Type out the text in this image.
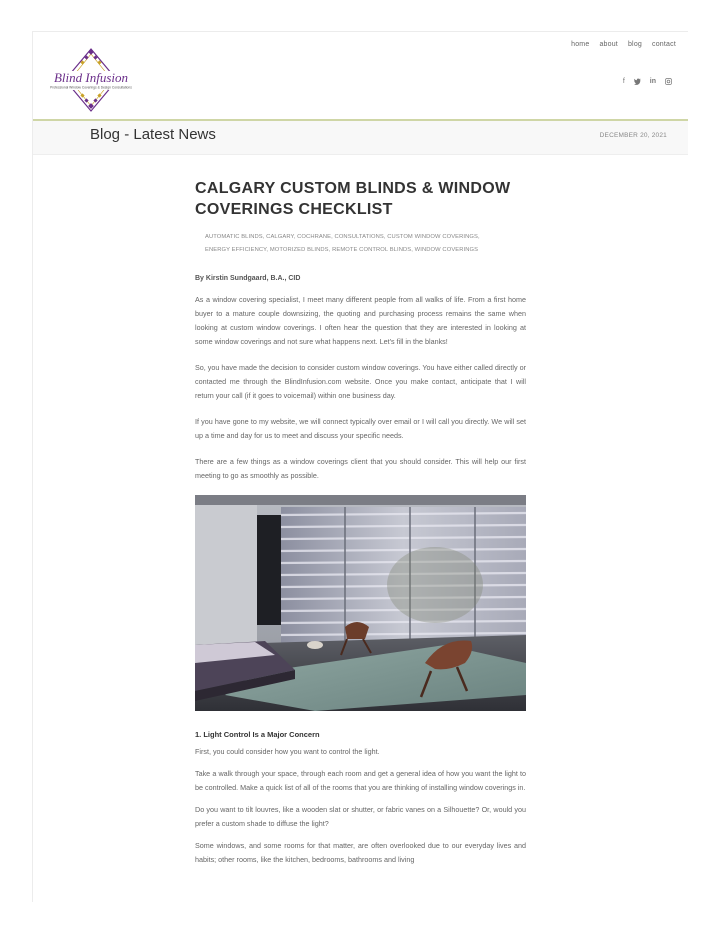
home about blog contact
Blind Infusion
Professional Window Coverings & Design Consultations
f	in
Blog - Latest News	DECEMBER 20, 2021
CALGARY CUSTOM BLINDS & WINDOW COVERINGS CHECKLIST
AUTOMATIC BLINDS, CALGARY, COCHRANE, CONSULTATIONS, CUSTOM WINDOW COVERINGS,
ENERGY EFFICIENCY, MOTORIZED BLINDS, REMOTE CONTROL BLINDS, WINDOW COVERINGS
By Kirstin Sundgaard, B.A., CID

As a window covering specialist, I meet many different people from all walks of life. From a first home buyer to a mature couple downsizing, the quoting and purchasing process remains the same when looking at custom window coverings. I often hear the question that they are interested in looking at some window coverings and not sure what happens next. Let’s fill in the blanks!

So, you have made the decision to consider custom window coverings. You have either called directly or contacted me through the BlindInfusion.com website. Once you make contact, anticipate that I will return your call (if it goes to voicemail) within one business day.

If you have gone to my website, we will connect typically over email or I will call you directly. We will set up a time and day for us to meet and discuss your specific needs.

There are a few things as a window coverings client that you should consider. This will help our first meeting to go as smoothly as possible.

1. Light Control Is a Major Concern

First, you could consider how you want to control the light.

Take a walk through your space, through each room and get a general idea of how you want the light to be controlled. Make a quick list of all of the rooms that you are thinking of installing window coverings in.

Do you want to tilt louvres, like a wooden slat or shutter, or fabric vanes on a Silhouette? Or, would you prefer a custom shade to diffuse the light?

Some windows, and some rooms for that matter, are often overlooked due to our everyday lives and habits; other rooms, like the kitchen, bedrooms, bathrooms and living
